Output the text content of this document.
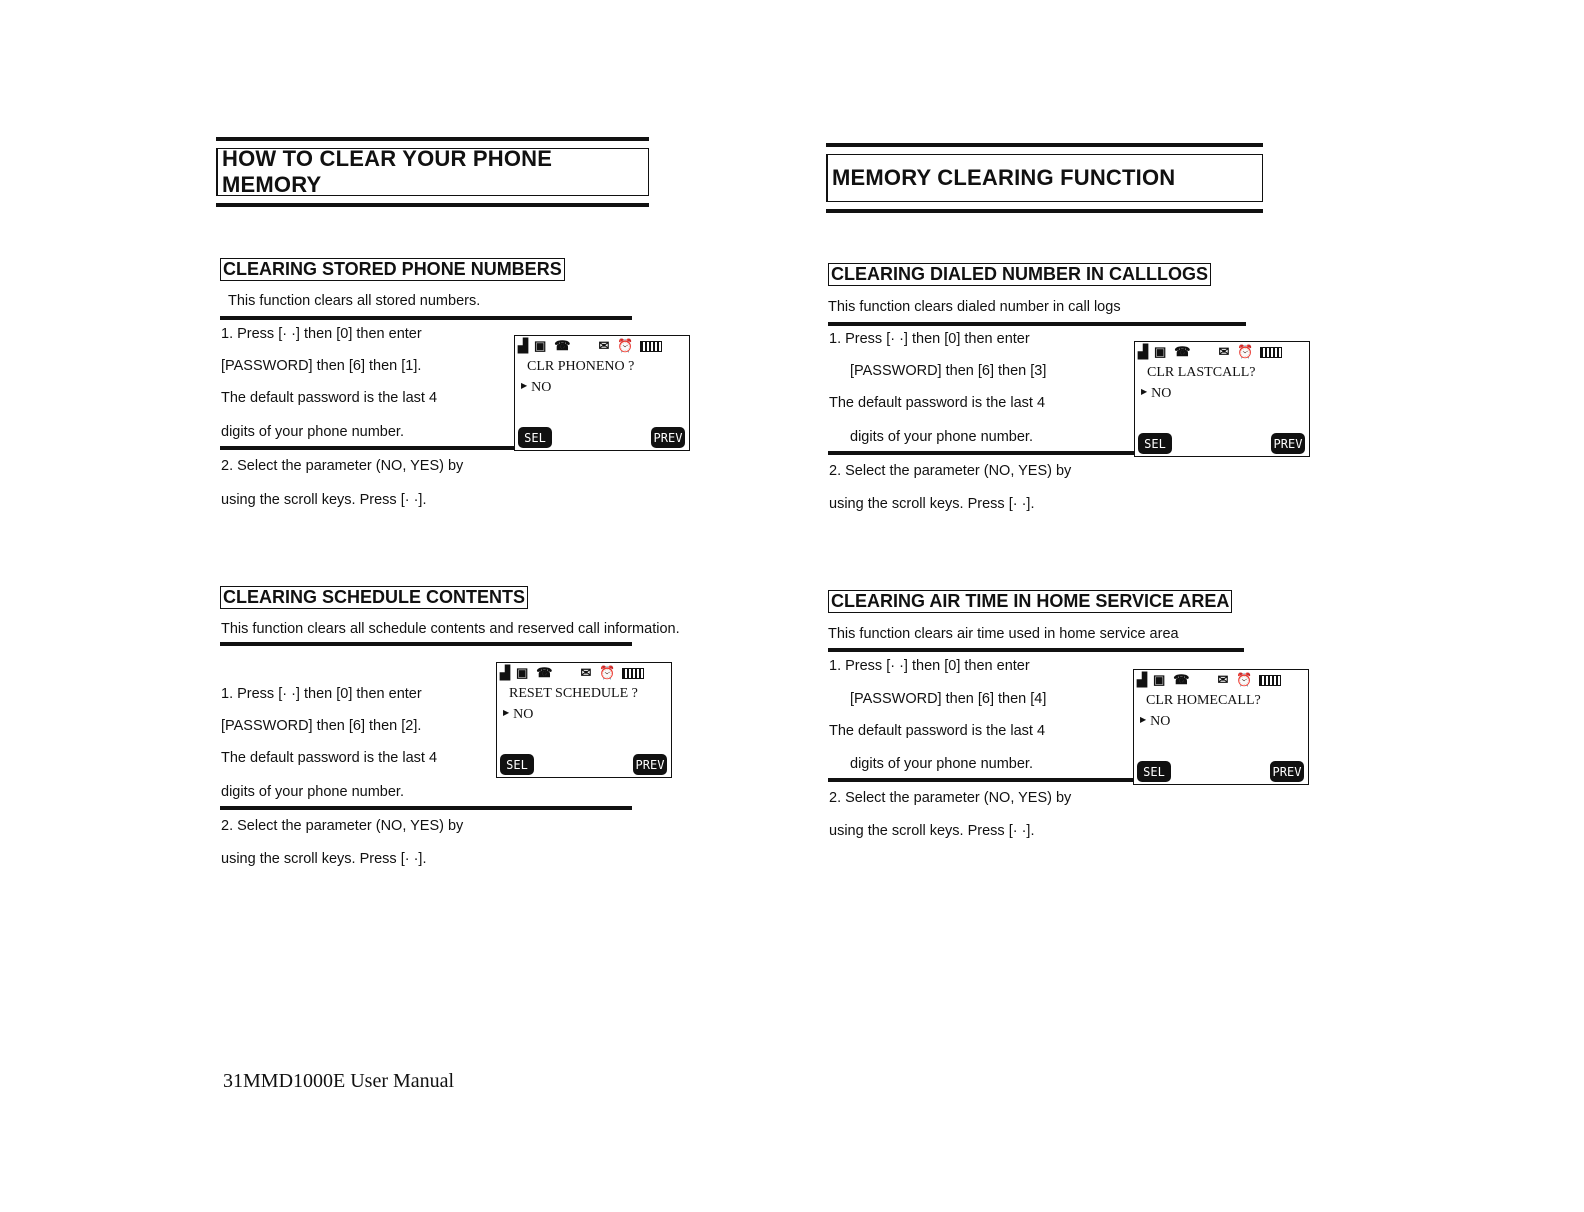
HOW TO CLEAR YOUR PHONE MEMORY
CLEARING STORED PHONE NUMBERS
This function clears all stored numbers.
1. Press [· ·] then [0] then enter
[PASSWORD] then [6] then [1].
The default password is the last 4
digits of your phone number.
2. Select the parameter (NO, YES) by
using the scroll keys. Press [· ·].
▟ ▣ ☎ ✉ ⏰
CLR PHONENO ?
▶ NO
SEL	PREV
CLEARING SCHEDULE CONTENTS
This function clears all schedule contents and reserved call information.
1. Press [· ·] then [0] then enter
[PASSWORD] then [6] then [2].
The default password is the last 4
digits of your phone number.
2. Select the parameter (NO, YES) by
using the scroll keys. Press [· ·].
▟ ▣ ☎ ✉ ⏰
RESET SCHEDULE ?
▶ NO
SEL	PREV
31MMD1000E User Manual
MEMORY CLEARING FUNCTION
CLEARING DIALED NUMBER IN CALLLOGS
This function clears dialed number in call logs
1. Press [· ·] then [0] then enter
[PASSWORD] then [6] then [3]
The default password is the last 4
digits of your phone number.
2. Select the parameter (NO, YES) by
using the scroll keys. Press [· ·].
▟ ▣ ☎ ✉ ⏰
CLR LASTCALL?
▶ NO
SEL	PREV
CLEARING AIR TIME IN HOME SERVICE AREA
This function clears air time used in home service area
1. Press [· ·] then [0] then enter
[PASSWORD] then [6] then [4]
The default password is the last 4
digits of your phone number.
2. Select the parameter (NO, YES) by
using the scroll keys. Press [· ·].
▟ ▣ ☎ ✉ ⏰
CLR HOMECALL?
▶ NO
SEL	PREV
